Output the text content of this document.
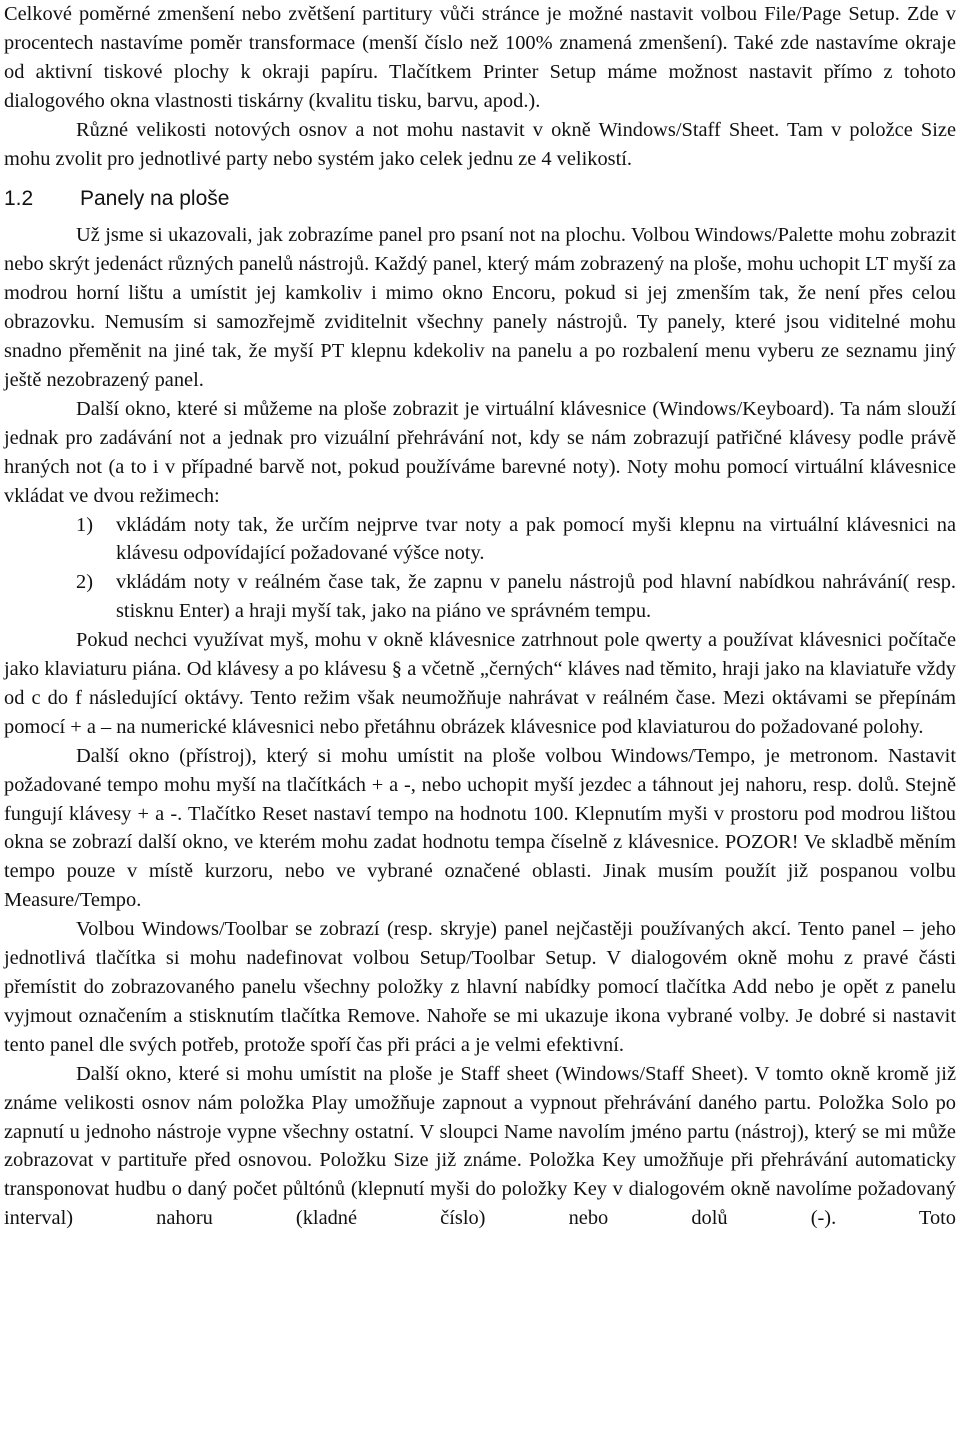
Celkové poměrné zmenšení nebo zvětšení partitury vůči stránce je možné nastavit volbou File/Page Setup. Zde v procentech nastavíme poměr transformace (menší číslo než 100% znamená zmenšení). Také zde nastavíme okraje od aktivní tiskové plochy k okraji papíru. Tlačítkem Printer Setup máme možnost nastavit přímo z tohoto dialogového okna vlastnosti tiskárny (kvalitu tisku, barvu, apod.).

Různé velikosti notových osnov a not mohu nastavit v okně Windows/Staff Sheet. Tam v položce Size mohu zvolit pro jednotlivé party nebo systém jako celek jednu ze 4 velikostí.

1.2 Panely na ploše

Už jsme si ukazovali, jak zobrazíme panel pro psaní not na plochu. Volbou Windows/Palette mohu zobrazit nebo skrýt jedenáct různých panelů nástrojů. Každý panel, který mám zobrazený na ploše, mohu uchopit LT myší za modrou horní lištu a umístit jej kamkoliv i mimo okno Encoru, pokud si jej zmenším tak, že není přes celou obrazovku. Nemusím si samozřejmě zviditelnit všechny panely nástrojů. Ty panely, které jsou viditelné mohu snadno přeměnit na jiné tak, že myší PT klepnu kdekoliv na panelu a po rozbalení menu vyberu ze seznamu jiný ještě nezobrazený panel.

Další okno, které si můžeme na ploše zobrazit je virtuální klávesnice (Windows/Keyboard). Ta nám slouží jednak pro zadávání not a jednak pro vizuální přehrávání not, kdy se nám zobrazují patřičné klávesy podle právě hraných not (a to i v případné barvě not, pokud používáme barevné noty). Noty mohu pomocí virtuální klávesnice vkládat ve dvou režimech:

1)	vkládám noty tak, že určím nejprve tvar noty a pak pomocí myši klepnu na virtuální klávesnici na klávesu odpovídající požadované výšce noty.
2)	vkládám noty v reálném čase tak, že zapnu v panelu nástrojů pod hlavní nabídkou nahrávání( resp. stisknu Enter) a hraji myší tak, jako na piáno ve správném tempu.

Pokud nechci využívat myš, mohu v okně klávesnice zatrhnout pole qwerty a používat klávesnici počítače jako klaviaturu piána. Od klávesy a po klávesu § a včetně „černých“ kláves nad těmito, hraji jako na klaviatuře vždy od c do f následující oktávy. Tento režim však neumožňuje nahrávat v reálném čase. Mezi oktávami se přepínám pomocí + a – na numerické klávesnici nebo přetáhnu obrázek klávesnice pod klaviaturou do požadované polohy.

Další okno (přístroj), který si mohu umístit na ploše volbou Windows/Tempo, je metronom. Nastavit požadované tempo mohu myší na tlačítkách + a -, nebo uchopit myší jezdec a táhnout jej nahoru, resp. dolů. Stejně fungují klávesy + a -. Tlačítko Reset nastaví tempo na hodnotu 100. Klepnutím myši v prostoru pod modrou lištou okna se zobrazí další okno, ve kterém mohu zadat hodnotu tempa číselně z klávesnice. POZOR! Ve skladbě měním tempo pouze v místě kurzoru, nebo ve vybrané označené oblasti. Jinak musím použít již pospanou volbu Measure/Tempo.

Volbou Windows/Toolbar se zobrazí (resp. skryje) panel nejčastěji používaných akcí. Tento panel – jeho jednotlivá tlačítka si mohu nadefinovat volbou Setup/Toolbar Setup. V dialogovém okně mohu z pravé části přemístit do zobrazovaného panelu všechny položky z hlavní nabídky pomocí tlačítka Add nebo je opět z panelu vyjmout označením a stisknutím tlačítka Remove. Nahoře se mi ukazuje ikona vybrané volby. Je dobré si nastavit tento panel dle svých potřeb, protože spoří čas při práci a je velmi efektivní.

Další okno, které si mohu umístit na ploše je Staff sheet (Windows/Staff Sheet). V tomto okně kromě již známe velikosti osnov nám položka Play umožňuje zapnout a vypnout přehrávání daného partu. Položka Solo po zapnutí u jednoho nástroje vypne všechny ostatní. V sloupci Name navolím jméno partu (nástroj), který se mi může zobrazovat v partituře před osnovou. Položku Size již známe. Položka Key umožňuje při přehrávání automaticky transponovat hudbu o daný počet půltónů (klepnutí myši do položky Key v dialogovém okně navolíme požadovaný interval) nahoru (kladné číslo) nebo dolů (-). Toto
